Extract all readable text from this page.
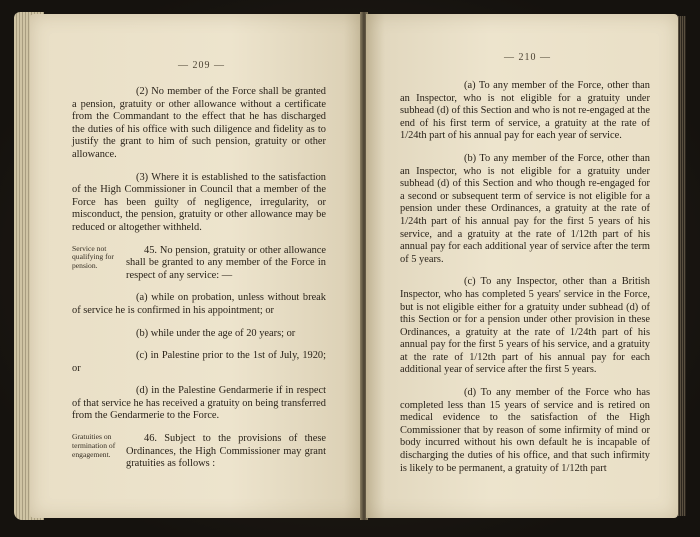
— 209 —

(2) No member of the Force shall be granted a pension, gratuity or other allowance without a certificate from the Commandant to the effect that he has discharged the duties of his office with such diligence and fidelity as to justify the grant to him of such pension, gratuity or other allowance.

(3) Where it is established to the satisfaction of the High Commissioner in Council that a member of the Force has been guilty of negligence, irregularity, or misconduct, the pension, gratuity or other allowance may be reduced or altogether withheld.

Service not qualifying for pension.
45. No pension, gratuity or other allowance shall be granted to any member of the Force in respect of any service: —

(a) while on probation, unless without break of service he is confirmed in his appointment; or

(b) while under the age of 20 years; or

(c) in Palestine prior to the 1st of July, 1920; or

(d) in the Palestine Gendarmerie if in respect of that service he has received a gratuity on being transferred from the Gendarmerie to the Force.

Gratuities on termination of engagement.
46. Subject to the provisions of these Ordinances, the High Commissioner may grant gratuities as follows :
— 210 —

(a) To any member of the Force, other than an Inspector, who is not eligible for a gratuity under subhead (d) of this Section and who is not re-engaged at the end of his first term of service, a gratuity at the rate of 1/24th part of his annual pay for each year of service.

(b) To any member of the Force, other than an Inspector, who is not eligible for a gratuity under subhead (d) of this Section and who though re-engaged for a second or subsequent term of service is not eligible for a pension under these Ordinances, a gratuity at the rate of 1/24th part of his annual pay for the first 5 years of his service, and a gratuity at the rate of 1/12th part of his annual pay for each additional year of service after the term of 5 years.

(c) To any Inspector, other than a British Inspector, who has completed 5 years' service in the Force, but is not eligible either for a gratuity under subhead (d) of this Section or for a pension under other provision in these Ordinances, a gratuity at the rate of 1/24th part of his annual pay for the first 5 years of his service, and a gratuity at the rate of 1/12th part of his annual pay for each additional year of service after the first 5 years.

(d) To any member of the Force who has completed less than 15 years of service and is retired on medical evidence to the satisfaction of the High Commissioner that by reason of some infirmity of mind or body incurred without his own default he is incapable of discharging the duties of his office, and that such infirmity is likely to be permanent, a gratuity of 1/12th part
